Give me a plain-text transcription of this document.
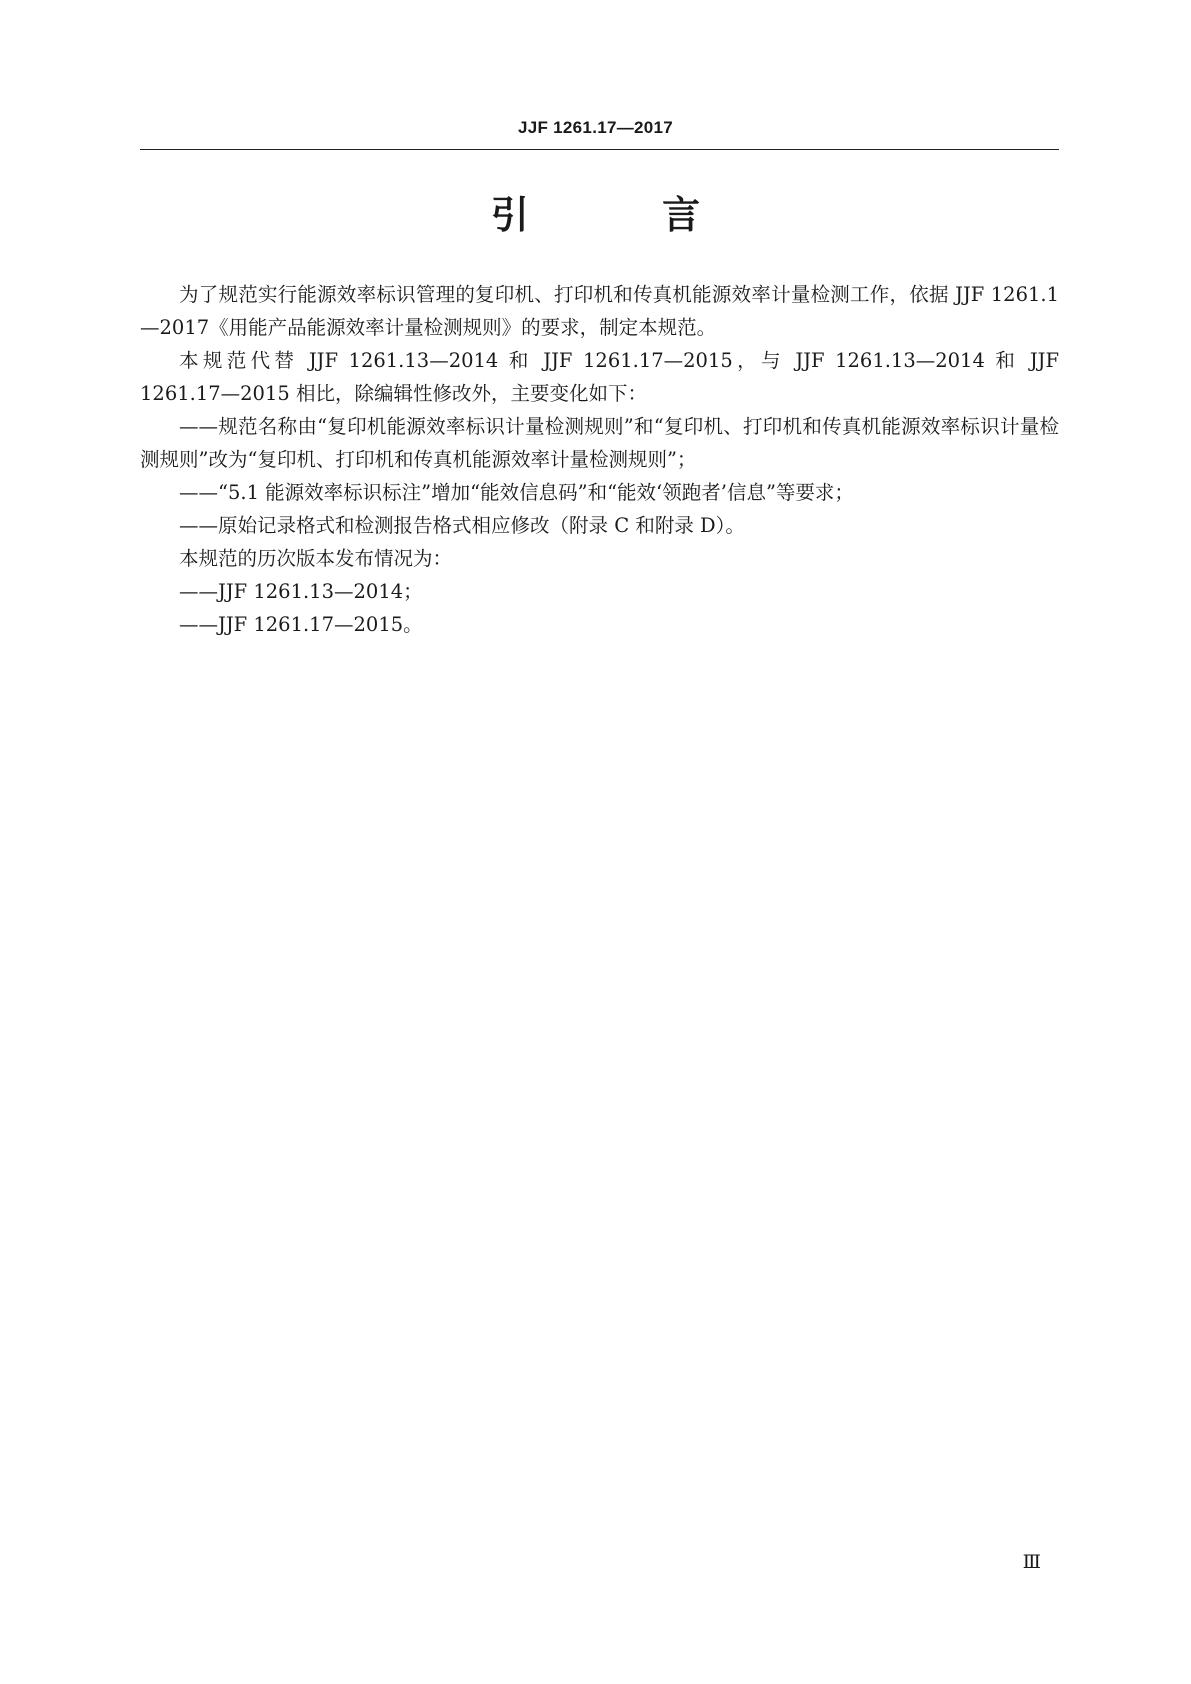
JJF 1261.17—2017
引 言

为了规范实行能源效率标识管理的复印机、打印机和传真机能源效率计量检测工作，依据 JJF 1261.1—2017《用能产品能源效率计量检测规则》的要求，制定本规范。

本规范代替 JJF 1261.13—2014 和 JJF 1261.17—2015，与 JJF 1261.13—2014 和 JJF 1261.17—2015 相比，除编辑性修改外，主要变化如下：

——规范名称由“复印机能源效率标识计量检测规则”和“复印机、打印机和传真机能源效率标识计量检测规则”改为“复印机、打印机和传真机能源效率计量检测规则”；

——“5.1 能源效率标识标注”增加“能效信息码”和“能效‘领跑者’信息”等要求；

——原始记录格式和检测报告格式相应修改（附录 C 和附录 D）。

本规范的历次版本发布情况为：

——JJF 1261.13—2014；

——JJF 1261.17—2015。

Ⅲ
